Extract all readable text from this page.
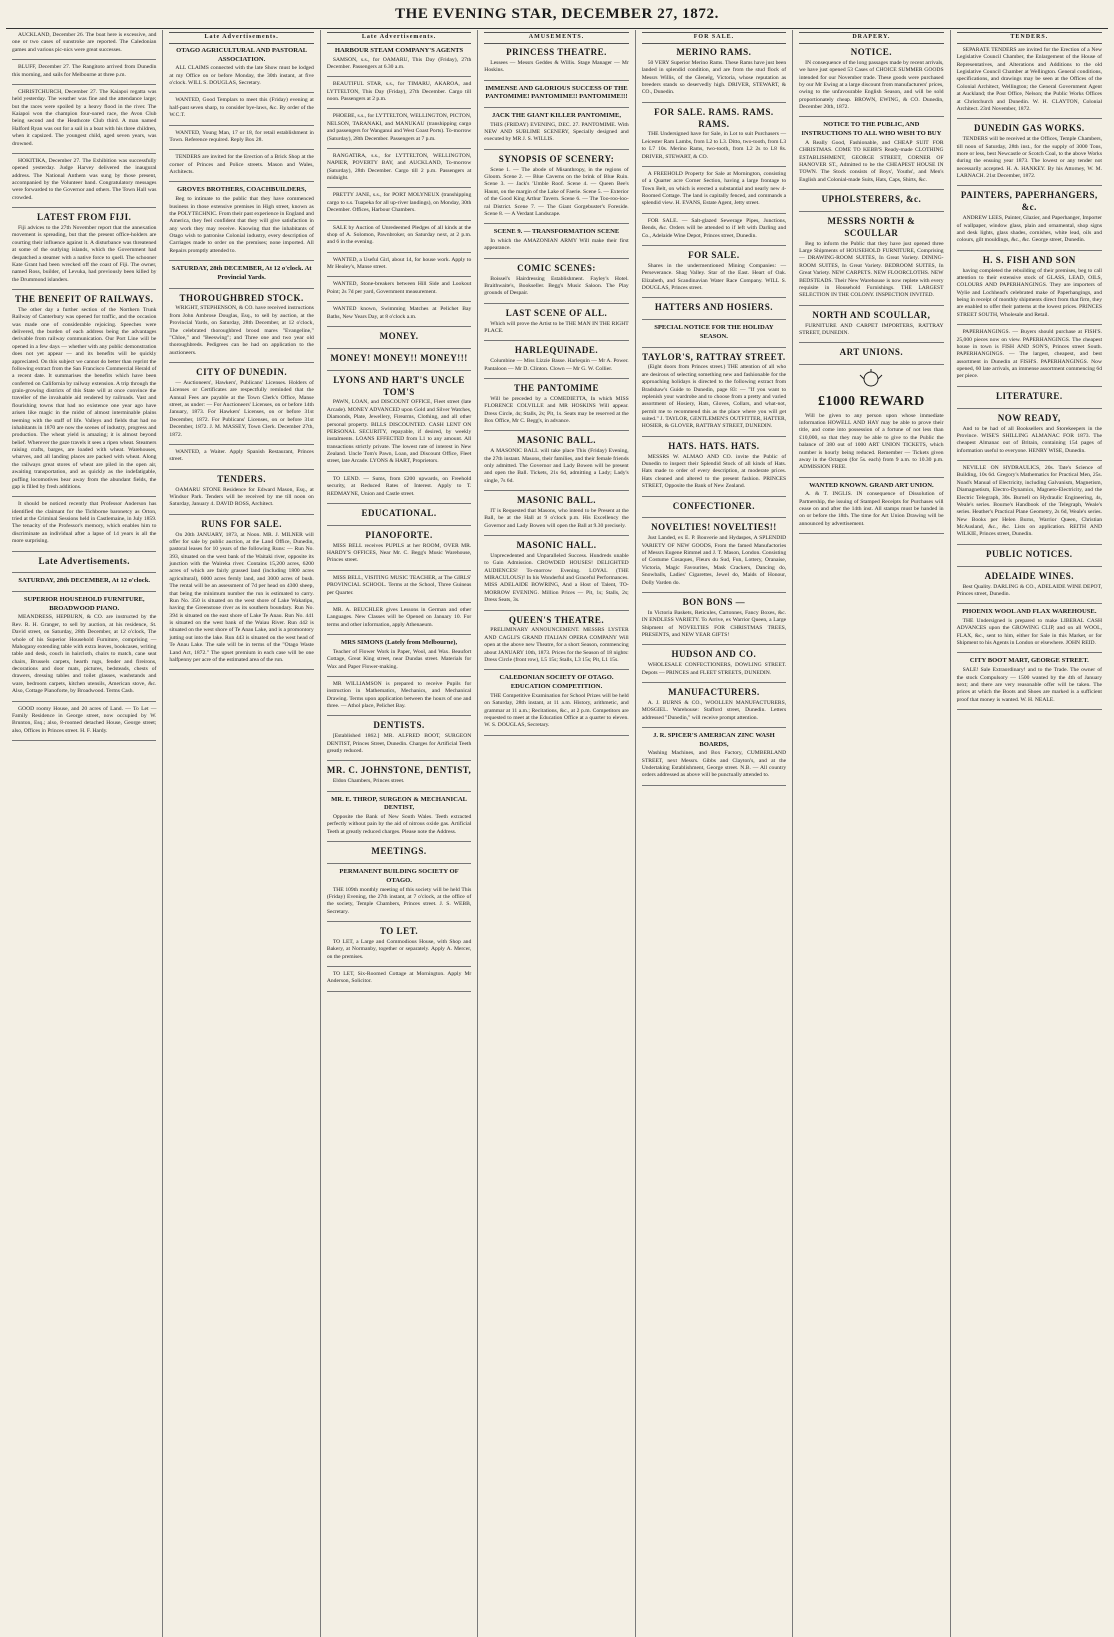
THE EVENING STAR, DECEMBER 27, 1872.

AUCKLAND, December 26. The boat here is excessive, and one or two cases of sunstroke are reported. The Caledonian games and various pic-nics were great successes.

BLUFF, December 27. The Rangitoto arrived from Dunedin this morning, and sails for Melbourne at three p.m.

CHRISTCHURCH, December 27. The Kaiapoi regatta was held yesterday. The weather was fine and the attendance large; but the races were spoiled by a heavy flood in the river. The Kaiapoi won the champion four-oared race, the Avon Club being second and the Heathcote Club third. A man named Halford Ryan was out for a sail in a boat with his three children, when it capsized. The youngest child, aged seven years, was drowned.

HOKITIKA, December 27. The Exhibition was successfully opened yesterday. Judge Harvey delivered the inaugural address. The National Anthem was sung by those present, accompanied by the Volunteer band. Congratulatory messages were forwarded to the Governor and others. The Town Hall was crowded.

LATEST FROM FIJI.

Fiji advices to the 27th November report that the annexation movement is spreading, but that the present office-holders are courting their influence against it. A disturbance was threatened at some of the outlying islands, which the Government had despatched a steamer with a native force to quell. The schooner Kate Grant had been wrecked off the coast of Fiji. The owner, named Ross, builder, of Levuka, had previously been killed by the Drummond islanders.

THE BENEFIT OF RAILWAYS.

The other day a further section of the Northern Trunk Railway of Canterbury was opened for traffic, and the occasion was made one of considerable rejoicing. Speeches were delivered, the burden of each address being the advantages derivable from railway communication. Our Port Line will be opened in a few days — whether with any public demonstration does not yet appear — and its benefits will be quickly appreciated. On this subject we cannot do better than reprint the following extract from the San Francisco Commercial Herald of a recent date. It summarises the benefits which have been conferred on California by railway extension. A trip through the grain-growing districts of this State will at once convince the traveller of the invaluable aid rendered by railroads. Vast and flourishing towns that had no existence one year ago have arisen like magic in the midst of almost interminable plains teeming with the staff of life. Valleys and fields that had no inhabitants in 1870 are now the scenes of industry, progress and production. The wheat yield is amazing; it is almost beyond belief. Wherever the gaze travels it sees a ripen wheat. Steamers raising crafts, barges, are loaded with wheat. Warehouses, wharves, and all landing places are packed with wheat. Along the railways great stores of wheat are piled in the open air, awaiting transportation, and as quickly as the indefatigable, puffing locomotives bear away from the abundant fields, the gap is filled by fresh additions.

It should be noticed recently that Professor Anderson has identified the claimant for the Tichborne baronetcy as Orton, tried at the Criminal Sessions held in Castlemaine, in July 1859. The tenacity of the Professor's memory, which enables him to discriminate an individual after a lapse of 14 years is all the more surprising.

Late Advertisements.
SATURDAY, 28th DECEMBER, At 12 o'clock.
SUPERIOR HOUSEHOLD FURNITURE, BROADWOOD PIANO.

MEANDRESS, HEPBURN, & CO. are instructed by the Rev. R. H. Granger, to sell by auction, at his residence, St. David street, on Saturday, 28th December, at 12 o'clock, The whole of his Superior Household Furniture, comprising — Mahogany extending table with extra leaves, bookcases, writing table and desk, couch in haircloth, chairs to match, cane seat chairs, Brussels carpets, hearth rugs, fender and fireirons, decorations and door mats, pictures, bedsteads, chests of drawers, dressing tables and toilet glasses, washstands and ware, bedroom carpets, kitchen utensils, American stove, &c. Also, Cottage Pianoforte, by Broadwood. Terms Cash.

GOOD roomy House, and 20 acres of Land. — To Let — Family Residence in George street, now occupied by W. Brunton, Esq.; also, 8-roomed detached House, George street; also, Offices in Princes street. H. F. Hardy.

Late Advertisements.
OTAGO AGRICULTURAL AND PASTORAL ASSOCIATION.

ALL CLAIMS connected with the late Show must be lodged at my Office on or before Monday, the 30th instant, at five o'clock. WILL S. DOUGLAS, Secretary.

WANTED, Good Templars to meet this (Friday) evening at half-past seven sharp, to consider bye-laws, &c. By order of the W.C.T.

WANTED, Young Man, 17 or 18, for retail establishment in Town. Reference required. Reply Box 28.

TENDERS are invited for the Erection of a Brick Shop at the corner of Princes and Police streets. Mason and Wales, Architects.

GROVES BROTHERS, COACHBUILDERS,

Beg to intimate to the public that they have commenced business in those extensive premises in High street, known as the POLYTECHNIC. From their past experience in England and America, they feel confident that they will give satisfaction in any work they may receive. Knowing that the inhabitants of Otago wish to patronise Colonial industry, every description of Carriages made to order on the premises; none imported. All Repairs promptly attended to.

SATURDAY, 28th DECEMBER, At 12 o'clock. At Provincial Yards.
THOROUGHBRED STOCK.

WRIGHT, STEPHENSON, & CO. have received instructions from John Ambrose Douglas, Esq., to sell by auction, at the Provincial Yards, on Saturday, 28th December, at 12 o'clock, The celebrated thoroughbred brood mares "Evangeline," "Chloe," and "Beeswing"; and Three one and two year old thoroughbreds. Pedigrees can be had on application to the auctioneers.

CITY OF DUNEDIN.

— Auctioneers', Hawkers', Publicans' Licenses. Holders of Licenses or Certificates are respectfully reminded that the Annual Fees are payable at the Town Clerk's Office, Manse street, as under: — For Auctioneers' Licenses, on or before 14th January, 1873. For Hawkers' Licenses, on or before 31st December, 1872. For Publicans' Licenses, on or before 31st December, 1872. J. M. MASSEY, Town Clerk. December 27th, 1872.

WANTED, a Waiter. Apply Spanish Restaurant, Princes street.

TENDERS.

OAMARU STONE Residence for Edward Mason, Esq., at Windsor Park. Tenders will be received by me till noon on Saturday, January 4. DAVID ROSS, Architect.

RUNS FOR SALE.

On 20th JANUARY, 1873, at Noon. MR. J. MILNER will offer for sale by public auction, at the Land Office, Dunedin, pastoral leases for 10 years of the following Runs: — Run No. 393, situated on the west bank of the Waitaki river, opposite its junction with the Waireka river. Contains 15,200 acres, 6200 acres of which are fairly grassed land (including 1800 acres agricultural), 6000 acres fernly land, and 3000 acres of bush. The rental will be an assessment of 7d per head on 4300 sheep, that being the minimum number the run is estimated to carry. Run No. 350 is situated on the west shore of Lake Wakatipu, having the Greenstone river as its southern boundary. Run No. 394 is situated on the east shore of Lake Te Anau. Run No. 441 is situated on the west bank of the Waiau River. Run 442 is situated on the west shore of Te Anau Lake, and is a promontory jutting out into the lake. Run 443 is situated on the west head of Te Anau Lake. The sale will be in terms of the "Otago Waste Land Act, 1872." The upset premium in each case will be one halfpenny per acre of the estimated area of the run.

Late Advertisements.
HARBOUR STEAM COMPANY'S AGENTS

SAMSON, s.s., for OAMARU, This Day (Friday), 27th December. Passengers at 6.30 a.m.

BEAUTIFUL STAR, s.s., for TIMARU, AKAROA, and LYTTELTON, This Day (Friday), 27th December. Cargo till noon. Passengers at 2 p.m.

PHOEBE, s.s., for LYTTELTON, WELLINGTON, PICTON, NELSON, TARANAKI, and MANUKAU (transhipping cargo and passengers for Wanganui and West Coast Ports). To-morrow (Saturday), 28th December. Passengers at 7 p.m.

RANGATIRA, s.s., for LYTTELTON, WELLINGTON, NAPIER, POVERTY BAY, and AUCKLAND, To-morrow (Saturday), 28th December. Cargo till 2 p.m. Passengers at midnight.

PRETTY JANE, s.s., for PORT MOLYNEUX (transhipping cargo to s.s. Tuapeka for all up-river landings), on Monday, 30th December. Offices, Harbour Chambers.

SALE by Auction of Unredeemed Pledges of all kinds at the shop of A. Solomon, Pawnbroker, on Saturday next, at 2 p.m. and 6 in the evening.

WANTED, a Useful Girl, about 14, for house work. Apply to Mr Healey's, Manse street.

WANTED, Stone-breakers between Hill Side and Lookout Point; 2s 7d per yard, Government measurement.

WANTED known, Swimming Matches at Pelichet Bay Baths, New Years Day, at 8 o'clock a.m.

MONEY.
MONEY! MONEY!! MONEY!!!
LYONS AND HART'S UNCLE TOM'S

PAWN, LOAN, and DISCOUNT OFFICE, Fleet street (late Arcade). MONEY ADVANCED upon Gold and Silver Watches, Diamonds, Plate, Jewellery, Firearms, Clothing, and all other personal property. BILLS DISCOUNTED. CASH LENT ON PERSONAL SECURITY, repayable, if desired, by weekly instalments. LOANS EFFECTED from L1 to any amount. All transactions strictly private. The lowest rate of interest in New Zealand. Uncle Tom's Pawn, Loan, and Discount Office, Fleet street, late Arcade. LYONS & HART, Proprietors.

TO LEND. — Sums, from £200 upwards, on Freehold security, at Reduced Rates of Interest. Apply to T. REDMAYNE, Union and Castle street.

EDUCATIONAL.
PIANOFORTE.

MISS BELL receives PUPILS at her ROOM, OVER MR. HARDY'S OFFICES, Near Mr. C. Begg's Music Warehouse, Princes street.

MISS BELL, VISITING MUSIC TEACHER, at The GIRLS' PROVINCIAL SCHOOL. Terms at the School, Three Guineas per Quarter.

MR. A. BEUCHLER gives Lessons in German and other Languages. New Classes will be Opened on January 10. For terms and other information, apply Athenaeum.

MRS SIMONS (Lately from Melbourne),

Teacher of Flower Work in Paper, Wool, and Wax. Beaufort Cottage, Great King street, near Dundas street. Materials for Wax and Paper Flower-making.

MR WILLIAMSON is prepared to receive Pupils for instruction in Mathematics, Mechanics, and Mechanical Drawing. Terms upon application between the hours of one and three. — Athol place, Pelichet Bay.

DENTISTS.

[Established 1862.] MR. ALFRED BOOT, SURGEON DENTIST, Princes Street, Dunedin. Charges for Artificial Teeth greatly reduced.

MR. C. JOHNSTONE, DENTIST,

Eldon Chambers, Princes street.

MR. E. THROP, SURGEON & MECHANICAL DENTIST,

Opposite the Bank of New South Wales. Teeth extracted perfectly without pain by the aid of nitrous oxide gas. Artificial Teeth at greatly reduced charges. Please note the Address.

MEETINGS.
PERMANENT BUILDING SOCIETY OF OTAGO.

THE 109th monthly meeting of this society will be held This (Friday) Evening, the 27th instant, at 7 o'clock, at the office of the society, Temple Chambers, Princes street. J. S. WEBB, Secretary.

TO LET.

TO LET, a Large and Commodious House, with Shop and Bakery, at Normanby, together or separately. Apply A. Mercer, on the premises.

TO LET, Six-Roomed Cottage at Mornington. Apply Mr Anderson, Solicitor.

AMUSEMENTS.
PRINCESS THEATRE.

Lessees — Messrs Geddes & Willis. Stage Manager — Mr Hoskins.

IMMENSE AND GLORIOUS SUCCESS OF THE PANTOMIME! PANTOMIME!! PANTOMIME!!!
JACK THE GIANT KILLER PANTOMIME,

THIS (FRIDAY) EVENING, DEC. 27. PANTOMIME. With NEW AND SUBLIME SCENERY, Specially designed and executed by MR J. S. WILLIS.

SYNOPSIS OF SCENERY:

Scene 1. — The abode of Misanthropy, in the regions of Gloom. Scene 2. — Blue Caverns on the brink of Blue Ruin. Scene 3. — Jack's 'Umble Roof. Scene 4. — Queen Bee's Haunt, on the margin of the Lake of Faerie. Scene 5. — Exterior of the Good King Arthur Tavern. Scene 6. — The Too-roo-loo-ral District. Scene 7. — The Giant Gorgebuster's Foreside. Scene 8. — A Verdant Landscape.

SCENE 9. — TRANSFORMATION SCENE

In which the AMAZONIAN ARMY Will make their first appearance.

COMIC SCENES:

Boissel's Hairdressing Establishment. Fayley's Hotel. Braithwaite's, Bookseller. Begg's Music Saloon. The Play grounds of Despair.

LAST SCENE OF ALL.

Which will prove the Artist to be THE MAN IN THE RIGHT PLACE.

HARLEQUINADE.

Columbine — Miss Lizzie Basse. Harlequin — Mr A. Power. Pantaloon — Mr D. Clinton. Clown — Mr G. W. Collier.

THE PANTOMIME

Will be preceded by a COMEDIETTA, In which MISS FLORENCE COLVILLE and MR HOSKINS Will appear. Dress Circle, 4s; Stalls, 2s; Pit, 1s. Seats may be reserved at the Box Office, Mr C. Begg's, in advance.

MASONIC BALL.

A MASONIC BALL will take place This (Friday) Evening, the 27th instant. Masons, their families, and their female friends only admitted. The Governor and Lady Bowen will be present and open the Ball. Tickets, 21s 6d, admitting a Lady; Lady's single, 7s 6d.

MASONIC BALL.

IT is Requested that Masons, who intend to be Present at the Ball, be at the Hall at 9 o'clock p.m. His Excellency the Governor and Lady Bowen will open the Ball at 9.30 precisely.

MASONIC HALL.

Unprecedented and Unparalleled Success. Hundreds unable to Gain Admission. CROWDED HOUSES! DELIGHTED AUDIENCES! To-morrow Evening. LOYAL (THE MIRACULOUS)! In his Wonderful and Graceful Performances. MISS ADELAIDE BOWRING, And a Host of Talent, TO-MORROW EVENING. Million Prices — Pit, 1s; Stalls, 2s; Dress Seats, 3s.

QUEEN'S THEATRE.

PRELIMINARY ANNOUNCEMENT. MESSRS LYSTER AND CAGLI'S GRAND ITALIAN OPERA COMPANY Will open at the above new Theatre, for a short Season, commencing about JANUARY 10th, 1873. Prices for the Season of 18 nights: Dress Circle (front row), L5 15s; Stalls, L3 15s; Pit, L1 15s.

CALEDONIAN SOCIETY OF OTAGO. EDUCATION COMPETITION.

THE Competitive Examination for School Prizes will be held on Saturday, 28th instant, at 11 a.m. History, arithmetic, and grammar at 11 a.m.; Recitations, &c., at 2 p.m. Competitors are requested to meet at the Education Office at a quarter to eleven. W. S. DOUGLAS, Secretary.

FOR SALE.
MERINO RAMS.

50 VERY Superior Merino Rams. These Rams have just been landed in splendid condition, and are from the stud flock of Messrs Willis, of the Glenelg, Victoria, whose reputation as breeders stands so deservedly high. DRIVER, STEWART, & CO., Dunedin.

FOR SALE. RAMS. RAMS. RAMS.

THE Undersigned have for Sale, in Lot to suit Purchasers — Leicester Ram Lambs, from L2 to L3. Ditto, two-tooth, from L3 to L7 10s. Merino Rams, two-tooth, from L2 2s to L8 8s. DRIVER, STEWART, & CO.

A FREEHOLD Property for Sale at Mornington, consisting of a Quarter acre Corner Section, having a large frontage to Town Belt, on which is erected a substantial and nearly new 4-Roomed Cottage. The land is capitally fenced, and commands a splendid view. H. EVANS, Estate Agent, Jetty street.

FOR SALE. — Salt-glazed Sewerage Pipes, Junctions, Bends, &c. Orders will be attended to if left with Darling and Co., Adelaide Wine Depot, Princes street, Dunedin.

FOR SALE.

Shares in the undermentioned Mining Companies: — Perseverance. Shag Valley. Star of the East. Heart of Oak. Elizabeth, and Scandinavian Water Race Company. WILL S. DOUGLAS, Princes street.

HATTERS AND HOSIERS.
SPECIAL NOTICE FOR THE HOLIDAY SEASON.
TAYLOR'S, RATTRAY STREET.

(Eight doors from Princes street.) THE attention of all who are desirous of selecting something new and fashionable for the approaching holidays is directed to the following extract from Bradshaw's Guide to Dunedin, page 83: — "If you want to replenish your wardrobe and to choose from a pretty and varied assortment of Hosiery, Hats, Gloves, Collars, and what-not, permit me to recommend this as the place where you will get suited." J. TAYLOR, GENTLEMEN'S OUTFITTER, HATTER, HOSIER, & GLOVER, RATTRAY STREET, DUNEDIN.

HATS. HATS. HATS.

MESSRS W. ALMAO AND CO. invite the Public of Dunedin to inspect their Splendid Stock of all kinds of Hats. Hats made to order of every description, at moderate prices. Hats cleaned and altered to the present fashion. PRINCES STREET, Opposite the Bank of New Zealand.

CONFECTIONER.
NOVELTIES! NOVELTIES!!

Just Landed, ex E. P. Bouverie and Hydaspes, A SPLENDID VARIETY OF NEW GOODS, From the famed Manufactories of Messrs Eugene Rimmel and J. T. Mason, London. Consisting of Costume Cosaques, Fleurs du Sud, Fun, Lottery, Oranaise, Victoria, Magic Favourites, Mask Crackers, Dancing do, Snowballs, Ladies' Cigarettes, Jewel do, Maids of Honour, Dolly Varden do.

BON BONS —

In Victoria Baskets, Reticules, Cartonnes, Fancy Boxes, &c. IN ENDLESS VARIETY. To Arrive, ex Warrior Queen, a Large Shipment of NOVELTIES FOR CHRISTMAS TREES, PRESENTS, and NEW YEAR GIFTS!

HUDSON AND CO.

WHOLESALE CONFECTIONERS, DOWLING STREET. Depots — PRINCES and FLEET STREETS, DUNEDIN.

MANUFACTURERS.

A. J. BURNS & CO., WOOLLEN MANUFACTURERS, MOSGIEL. Warehouse: Stafford street, Dunedin. Letters addressed "Dunedin," will receive prompt attention.

J. R. SPICER'S AMERICAN ZINC WASH BOARDS,

Washing Machines, and Box Factory, CUMBERLAND STREET, next Messrs. Gibbs and Clayton's, and at the Undertaking Establishment, George street. N.B. — All country orders addressed as above will be punctually attended to.

DRAPERY.
NOTICE.

IN consequence of the long passages made by recent arrivals, we have just opened 53 Cases of CHOICE SUMMER GOODS intended for our November trade. These goods were purchased by our Mr Ewing at a large discount from manufacturers' prices, owing to the unfavourable English Season, and will be sold proportionately cheap. BROWN, EWING, & CO. Dunedin, December 20th, 1872.

NOTICE TO THE PUBLIC, AND INSTRUCTIONS TO ALL WHO WISH TO BUY

A Really Good, Fashionable, and CHEAP SUIT FOR CHRISTMAS. COME TO KEBB'S Ready-made CLOTHING ESTABLISHMENT, GEORGE STREET, CORNER OF HANOVER ST., Admitted to be the CHEAPEST HOUSE IN TOWN. The Stock consists of Boys', Youths', and Men's English and Colonial-made Suits, Hats, Caps, Shirts, &c.

UPHOLSTERERS, &c.
MESSRS NORTH & SCOULLAR

Beg to inform the Public that they have just opened three Large Shipments of HOUSEHOLD FURNITURE, Comprising — DRAWING-ROOM SUITES, In Great Variety. DINING-ROOM SUITES, In Great Variety. BEDROOM SUITES, In Great Variety. NEW CARPETS. NEW FLOORCLOTHS. NEW BEDSTEADS. Their New Warehouse is now replete with every requisite in Household Furnishings. THE LARGEST SELECTION IN THE COLONY. INSPECTION INVITED.

NORTH AND SCOULLAR,

FURNITURE AND CARPET IMPORTERS, RATTRAY STREET, DUNEDIN.

ART UNIONS.
£1000 REWARD

Will be given to any person upon whose immediate information HOWELL AND HAY may be able to prove their title, and come into possession of a fortune of not less than £10,000, so that they may be able to give to the Public the balance of 380 out of 1000 ART UNION TICKETS, which number is hourly being reduced. Remember — Tickets given away in the Octagon (for 5s. each) from 9 a.m. to 10.30 p.m. ADMISSION FREE.

WANTED KNOWN. GRAND ART UNION.

A. & T. INGLIS. IN consequence of Dissolution of Partnership, the issuing of Stamped Receipts for Purchases will cease on and after the 14th inst. All stamps must be handed in on or before the 18th. The time for Art Union Drawing will be announced by advertisement.

TENDERS.

SEPARATE TENDERS are invited for the Erection of a New Legislative Council Chamber, the Enlargement of the House of Representatives, and Alterations and Additions to the old Legislative Council Chamber at Wellington. General conditions, specifications, and drawings may be seen at the Offices of the Colonial Architect, Wellington; the General Government Agent at Auckland; the Post Office, Nelson; the Public Works Offices at Christchurch and Dunedin. W. H. CLAYTON, Colonial Architect. 23rd November, 1872.

DUNEDIN GAS WORKS.

TENDERS will be received at the Offices, Temple Chambers, till noon of Saturday, 28th inst., for the supply of 3000 Tons, more or less, best Newcastle or Scotch Coal, to the above Works during the ensuing year 1873. The lowest or any tender not necessarily accepted. H. A. HANKEY. By his Attorney, W. M. LARNACH. 21st December, 1872.

PAINTERS, PAPERHANGERS, &c.

ANDREW LEES, Painter, Glazier, and Paperhanger, Importer of wallpaper, window glass, plain and ornamental, shop signs and desk lights, glass shades, cornishes, white lead, oils and colours, gilt mouldings, &c., &c. George street, Dunedin.

H. S. FISH AND SON

having completed the rebuilding of their premises, beg to call attention to their extensive stock of GLASS, LEAD, OILS, COLOURS AND PAPERHANGINGS. They are importers of Wylie and Lochhead's celebrated make of Paperhangings, and being in receipt of monthly shipments direct from that firm, they are enabled to offer their patterns at the lowest prices. PRINCES STREET SOUTH, Wholesale and Retail.

PAPERHANGINGS. — Buyers should purchase at FISH'S. 25,000 pieces now on view. PAPERHANGINGS. The cheapest house in town is FISH AND SON'S, Princes street South. PAPERHANGINGS. — The largest, cheapest, and best assortment in Dunedin at FISH'S. PAPERHANGINGS. Now opened, 60 late arrivals, an immense assortment commencing 6d per piece.

LITERATURE.
NOW READY,

And to be had of all Booksellers and Storekeepers in the Province. WISE'S SHILLING ALMANAC FOR 1873. The cheapest Almanac out of Britain, containing 154 pages of information useful to everyone. HENRY WISE, Dunedin.

NEVILLE ON HYDRAULICS, 20s. Tate's Science of Building, 10s 6d. Gregory's Mathematics for Practical Men, 25s. Noad's Manual of Electricity, including Galvanism, Magnetism, Diamagnetism, Electro-Dynamics, Magneto-Electricity, and the Electric Telegraph, 30s. Burnell on Hydraulic Engineering, 4s, Weale's series. Bourne's Handbook of the Telegraph, Weale's series. Heather's Practical Plane Geometry, 2s 6d, Weale's series. New Books per Helen Burns, Warrior Queen, Christian McAusland, &c., &c. Lists on application. REITH AND WILKIE, Princes street, Dunedin.

PUBLIC NOTICES.
ADELAIDE WINES.

Best Quality. DARLING & CO., ADELAIDE WINE DEPOT, Princes street, Dunedin.

PHOENIX WOOL AND FLAX WAREHOUSE.

THE Undersigned is prepared to make LIBERAL CASH ADVANCES upon the GROWING CLIP, and on all WOOL, FLAX, &c., sent to him, either for Sale in this Market, or for Shipment to his Agents in London or elsewhere. JOHN REID.

CITY BOOT MART, GEORGE STREET.

SALE! Sale Extraordinary! and to the Trade. The owner of the stock Compulsory — 1500 wanted by the 4th of January next; and there are very reasonable offer will be taken. The prices at which the Boots and Shoes are marked is a sufficient proof that money is wanted. W. H. NEALE.
